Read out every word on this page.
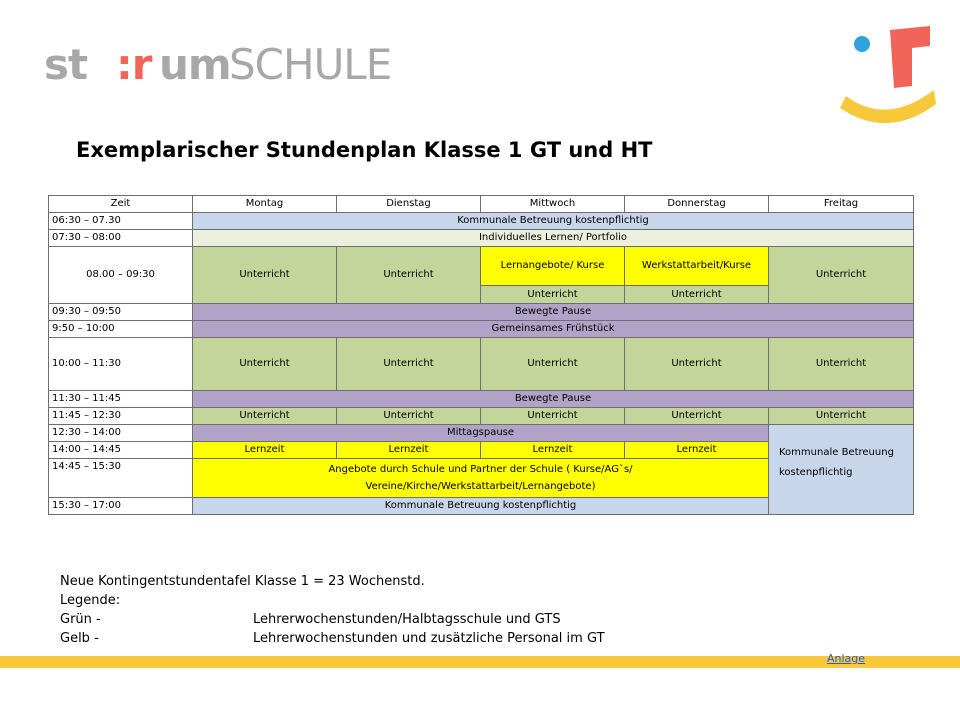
st :r um
SCHULE
Exemplarischer Stundenplan Klasse 1 GT und HT
Zeit	Montag	Dienstag	Mittwoch	Donnerstag	Freitag
06:30 – 07.30	Kommunale Betreuung kostenpflichtig				
07:30 – 08:00	Individuelles Lernen/ Portfolio				
08.00 – 09:30	Unterricht	Unterricht	Lernangebote/ Kurse	Werkstattarbeit/Kurse	Unterricht
			Unterricht	Unterricht	
09:30 – 09:50	Bewegte Pause				
9:50 – 10:00	Gemeinsames Frühstück				
10:00 – 11:30	Unterricht	Unterricht	Unterricht	Unterricht	Unterricht
11:30 – 11:45	Bewegte Pause				
11:45 – 12:30	Unterricht	Unterricht	Unterricht	Unterricht	Unterricht
12:30 – 14:00	Mittagspause				Kommunale Betreuung
kostenpflichtig

14:00 – 14:45	Lernzeit	Lernzeit	Lernzeit	Lernzeit	
14:45 – 15:30	Angebote durch Schule und Partner der Schule ( Kurse/AG`s/
Vereine/Kirche/Werkstattarbeit/Lernangebote)				

15:30 – 17:00	Kommunale Betreuung kostenpflichtig				
Neue Kontingentstundentafel Klasse 1 = 23 Wochenstd.
Legende:
Grün -	Lehrerwochenstunden/Halbtagsschule und GTS
Gelb -	Lehrerwochenstunden und zusätzliche Personal im GT
Anlage
